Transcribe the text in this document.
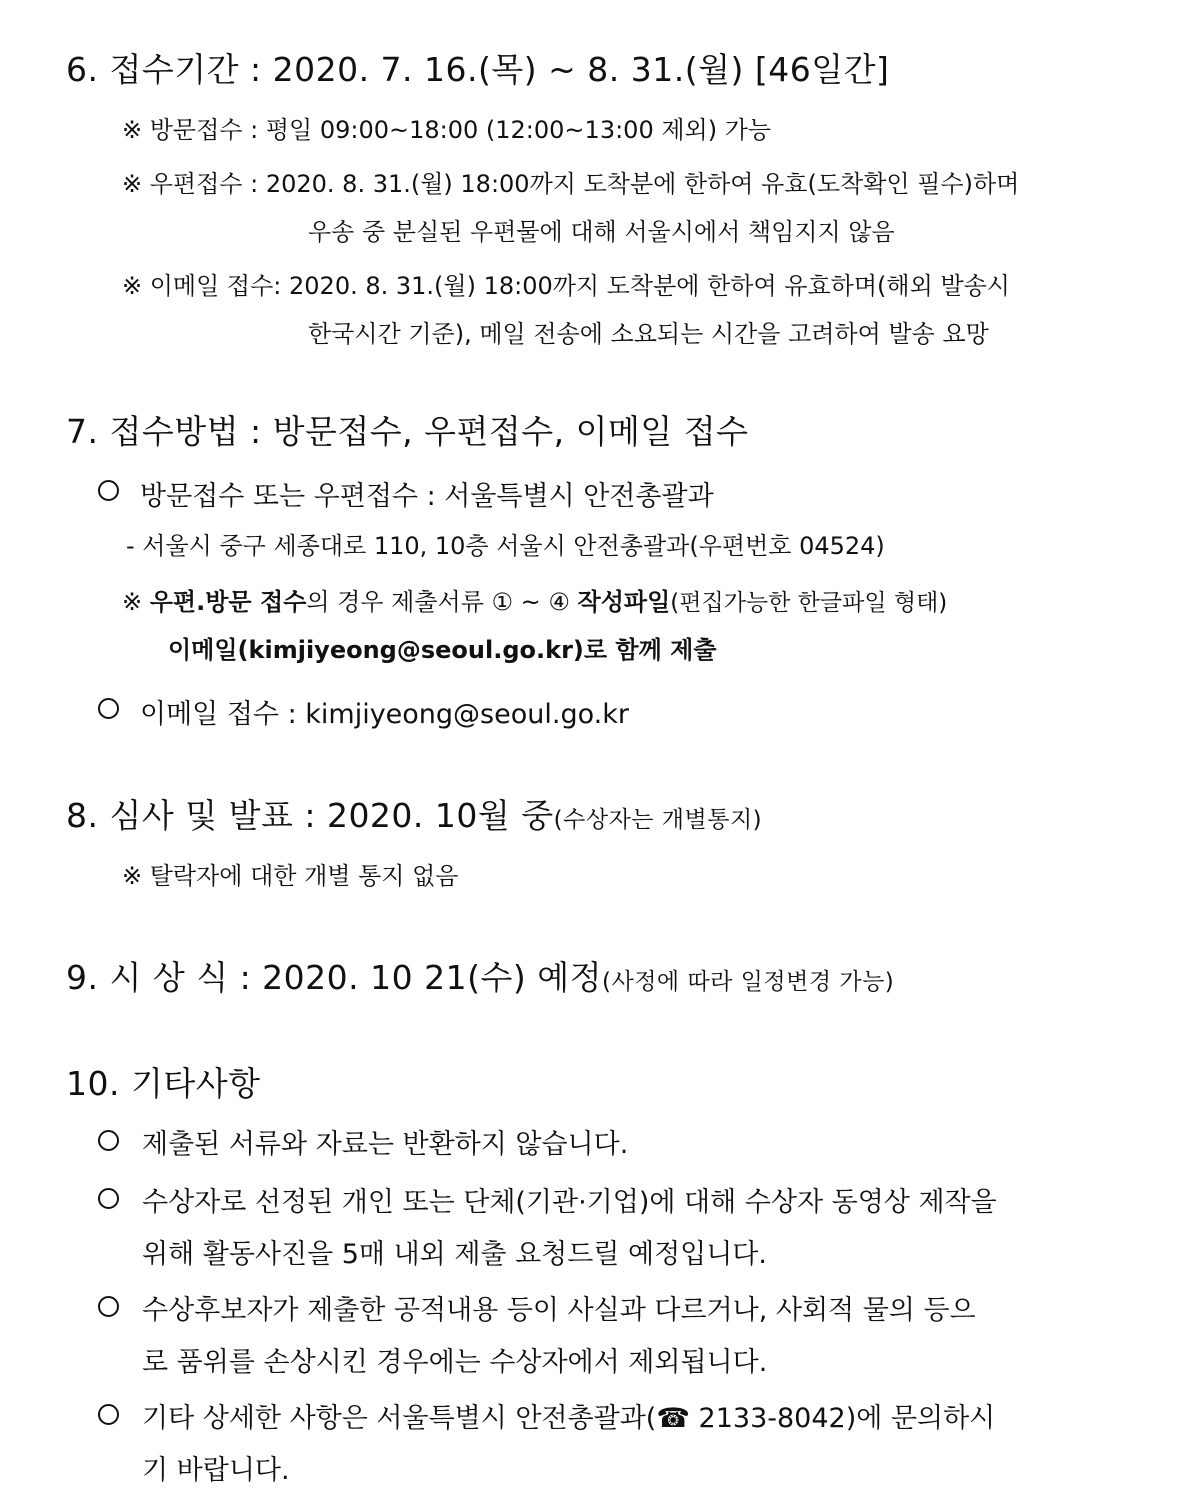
6. 접수기간 : 2020. 7. 16.(목) ~ 8. 31.(월) [46일간]
※ 방문접수 : 평일 09:00~18:00 (12:00~13:00 제외) 가능
※ 우편접수 : 2020. 8. 31.(월) 18:00까지 도착분에 한하여 유효(도착확인 필수)하며
우송 중 분실된 우편물에 대해 서울시에서 책임지지 않음
※ 이메일 접수: 2020. 8. 31.(월) 18:00까지 도착분에 한하여 유효하며(해외 발송시
한국시간 기준), 메일 전송에 소요되는 시간을 고려하여 발송 요망
7. 접수방법 : 방문접수, 우편접수, 이메일 접수
방문접수 또는 우편접수 : 서울특별시 안전총괄과
- 서울시 중구 세종대로 110, 10층 서울시 안전총괄과(우편번호 04524)
※ 우편.방문 접수의 경우 제출서류 ① ~ ④ 작성파일(편집가능한 한글파일 형태)
이메일(kimjiyeong@seoul.go.kr)로 함께 제출
이메일 접수 : kimjiyeong@seoul.go.kr
8. 심사 및 발표 : 2020. 10월 중(수상자는 개별통지)
※ 탈락자에 대한 개별 통지 없음
9. 시 상 식 : 2020. 10 21(수) 예정(사정에 따라 일정변경 가능)
10. 기타사항
제출된 서류와 자료는 반환하지 않습니다.
수상자로 선정된 개인 또는 단체(기관·기업)에 대해 수상자 동영상 제작을
위해 활동사진을 5매 내외 제출 요청드릴 예정입니다.
수상후보자가 제출한 공적내용 등이 사실과 다르거나, 사회적 물의 등으
로 품위를 손상시킨 경우에는 수상자에서 제외됩니다.
기타 상세한 사항은 서울특별시 안전총괄과(☎ 2133-8042)에 문의하시
기 바랍니다.
